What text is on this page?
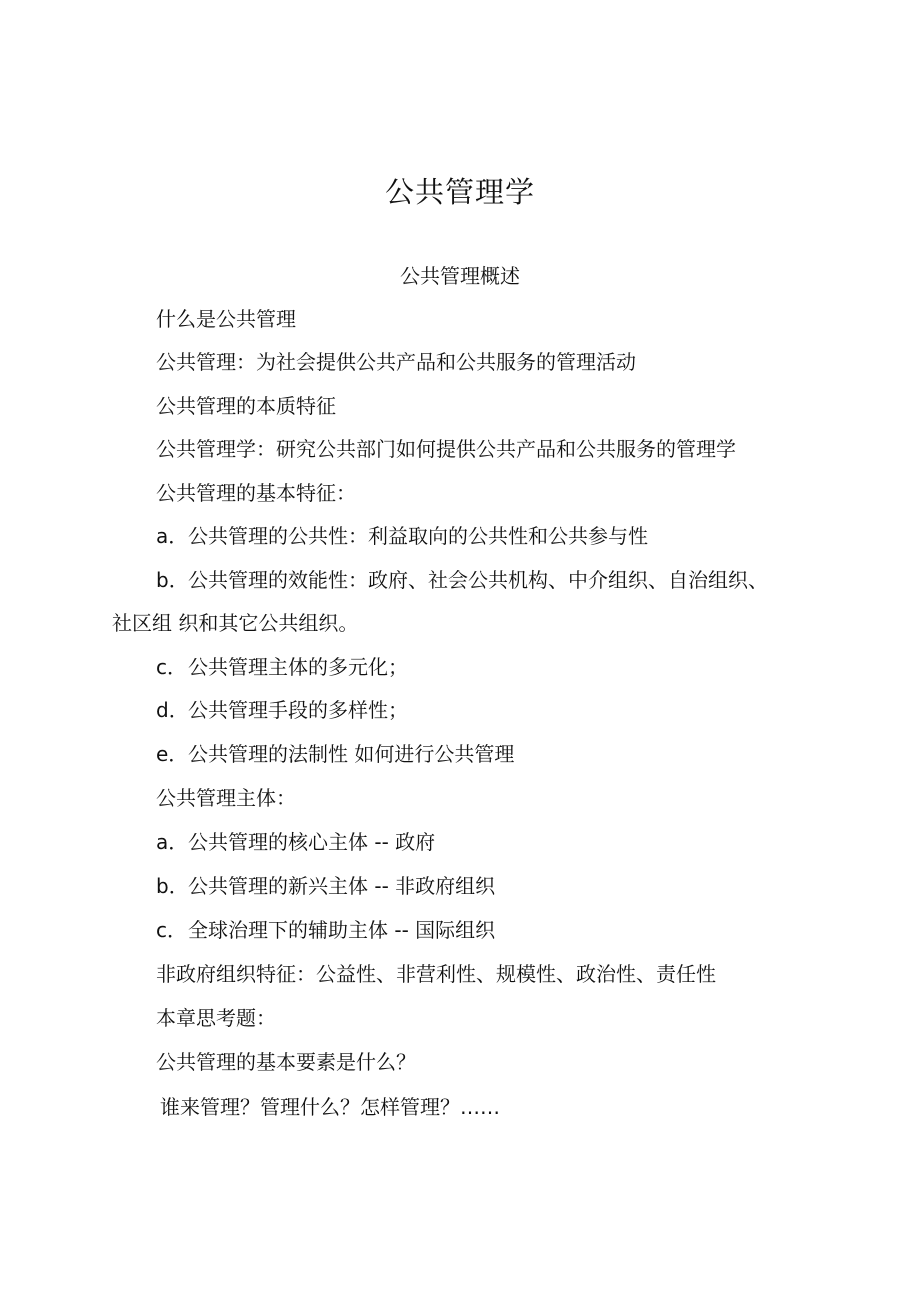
公共管理学
公共管理概述
什么是公共管理
公共管理：为社会提供公共产品和公共服务的管理活动
公共管理的本质特征
公共管理学：研究公共部门如何提供公共产品和公共服务的管理学
公共管理的基本特征：
a．公共管理的公共性：利益取向的公共性和公共参与性
b．公共管理的效能性：政府、社会公共机构、中介组织、自治组织、
社区组 织和其它公共组织。
c．公共管理主体的多元化；
d．公共管理手段的多样性；
e．公共管理的法制性 如何进行公共管理
公共管理主体：
a．公共管理的核心主体 -- 政府
b．公共管理的新兴主体 -- 非政府组织
c．全球治理下的辅助主体 -- 国际组织
非政府组织特征：公益性、非营利性、规模性、政治性、责任性
本章思考题：
公共管理的基本要素是什么？
谁来管理？管理什么？怎样管理？……
